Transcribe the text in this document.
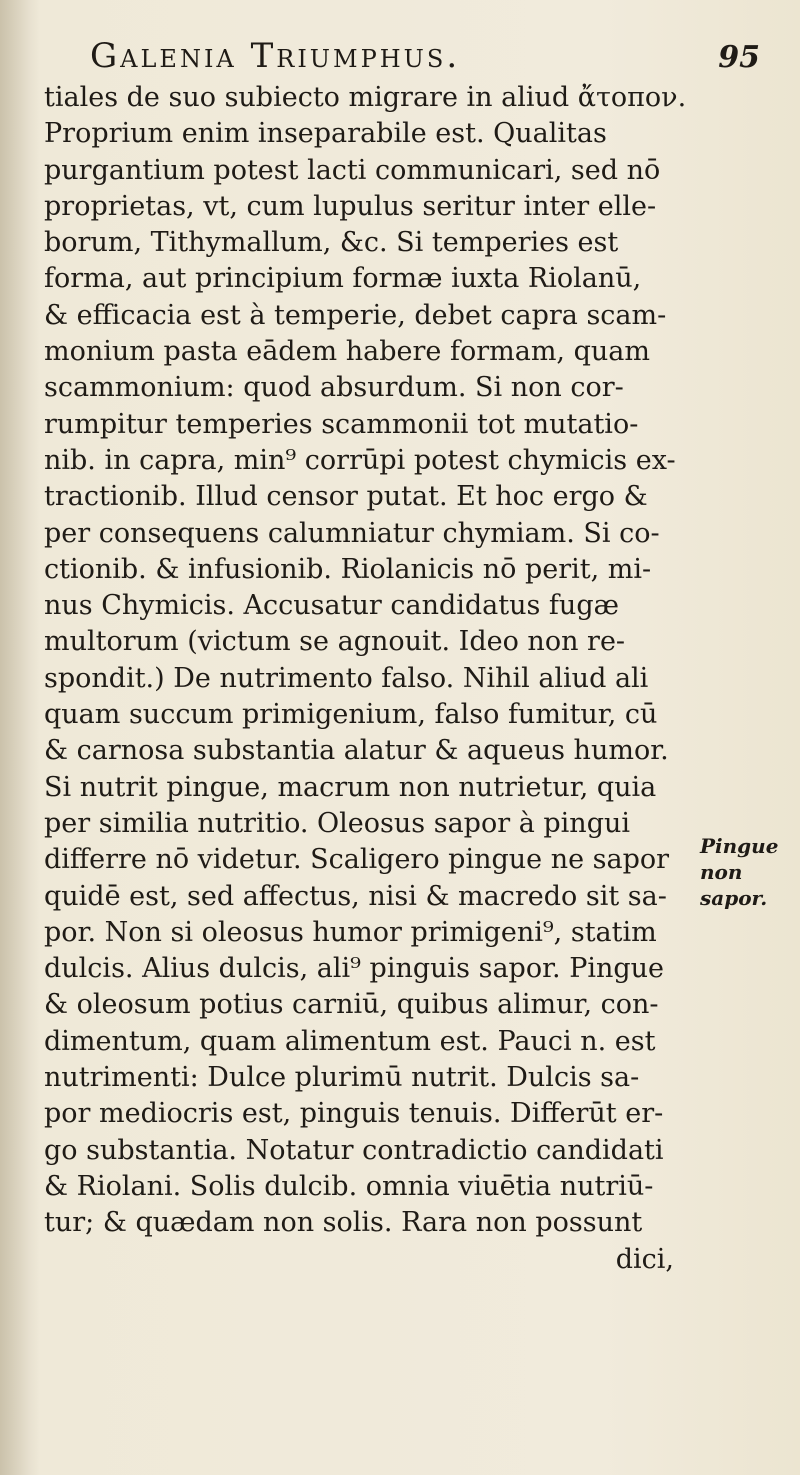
Galenia Triumphus.	95
tiales de suo subiecto migrare in aliud ἄτοπον.
Proprium enim inseparabile est. Qualitas
purgantium potest lacti communicari, sed nō
proprietas, vt, cum lupulus seritur inter elle-
borum, Tithymallum, &c. Si temperies est
forma, aut principium formæ iuxta Riolanū,
& efficacia est à temperie, debet capra scam-
monium pasta eādem habere formam, quam
scammonium: quod absurdum. Si non cor-
rumpitur temperies scammonii tot mutatio-
nib. in capra, min⁹ corrūpi potest chymicis ex-
tractionib. Illud censor putat. Et hoc ergo &
per consequens calumniatur chymiam. Si co-
ctionib. & infusionib. Riolanicis nō perit, mi-
nus Chymicis. Accusatur candidatus fugæ
multorum (victum se agnouit. Ideo non re-
spondit.) De nutrimento falso. Nihil aliud ali
quam succum primigenium, falso fumitur, cū
& carnosa substantia alatur & aqueus humor.
Si nutrit pingue, macrum non nutrietur, quia
per similia nutritio. Oleosus sapor à pingui
differre nō videtur. Scaligero pingue ne sapor
quidē est, sed affectus, nisi & macredo sit sa-
por. Non si oleosus humor primigeni⁹, statim
dulcis. Alius dulcis, ali⁹ pinguis sapor. Pingue
& oleosum potius carniū, quibus alimur, con-
dimentum, quam alimentum est. Pauci n. est
nutrimenti: Dulce plurimū nutrit. Dulcis sa-
por mediocris est, pinguis tenuis. Differūt er-
go substantia. Notatur contradictio candidati
& Riolani. Solis dulcib. omnia viuētia nutriū-
tur; & quædam non solis. Rara non possunt
dici,
Pingue non
sapor.
